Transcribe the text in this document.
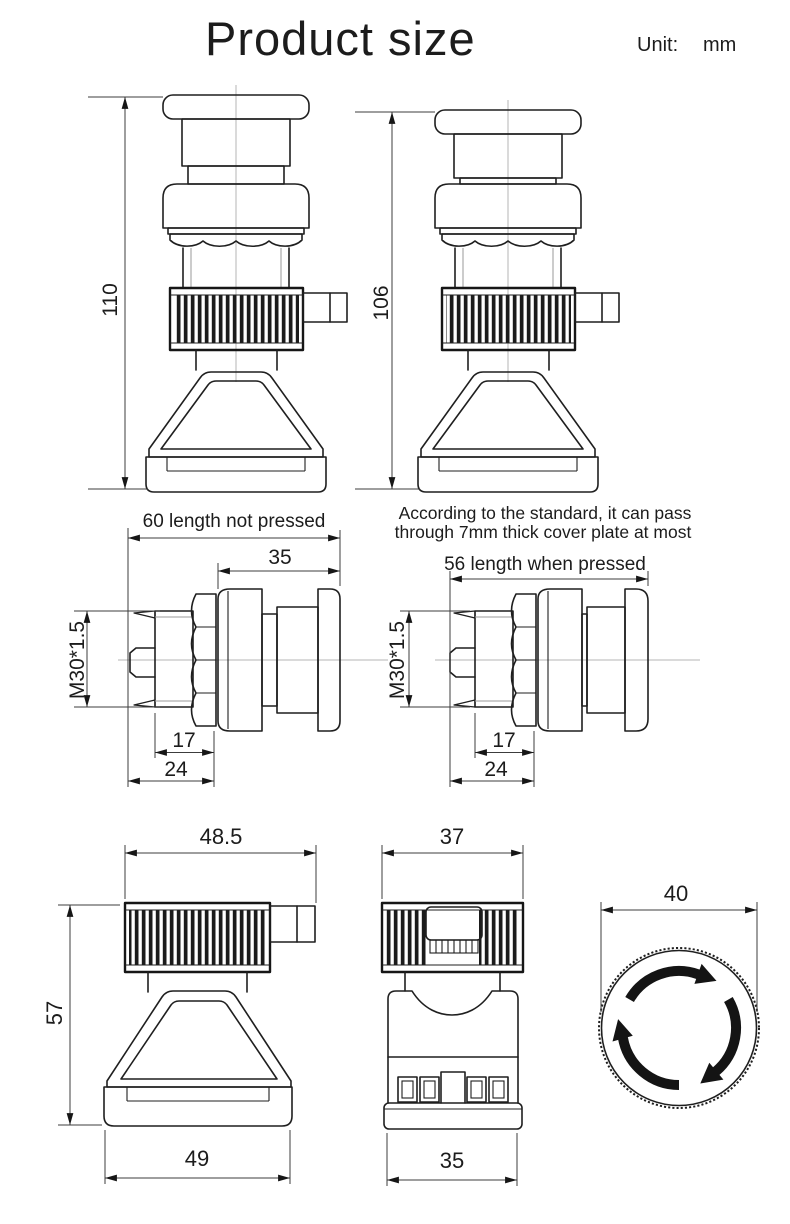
Product size	Unit: mm
110	106
60 length not pressed	According to the standard, it can pass
through 7mm thick cover plate at most
56 length when pressed
35
M30*1.5
17
24
M30*1.5
17
24
48.5
57
49
37
35
40
